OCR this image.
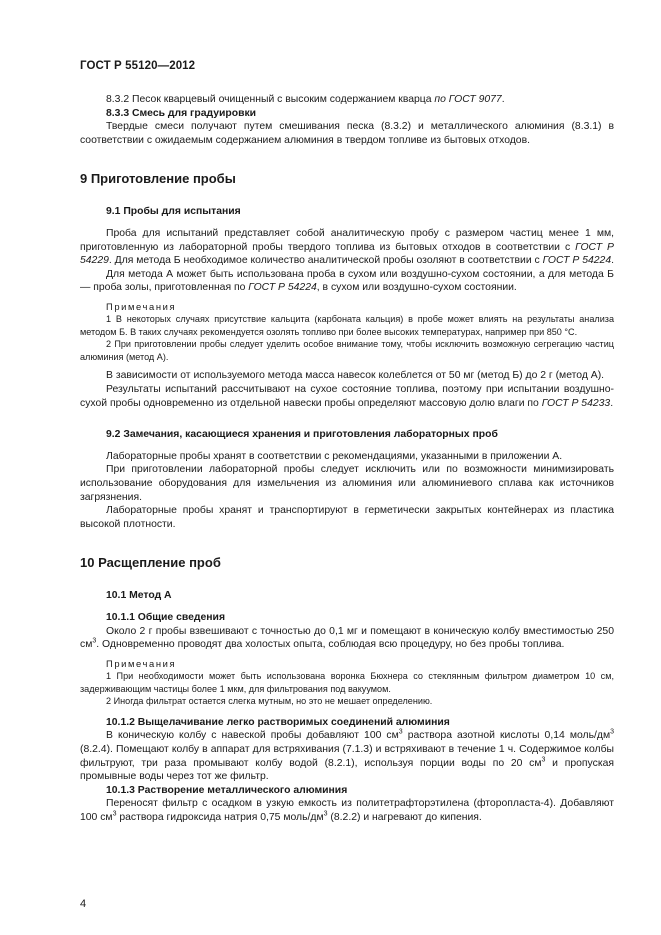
ГОСТ Р 55120—2012

8.3.2 Песок кварцевый очищенный с высоким содержанием кварца по ГОСТ 9077.

8.3.3 Смесь для градуировки

Твердые смеси получают путем смешивания песка (8.3.2) и металлического алюминия (8.3.1) в соответствии с ожидаемым содержанием алюминия в твердом топливе из бытовых отходов.

9 Приготовление пробы
9.1 Пробы для испытания

Проба для испытаний представляет собой аналитическую пробу с размером частиц менее 1 мм, приготовленную из лабораторной пробы твердого топлива из бытовых отходов в соответствии с ГОСТ Р 54229. Для метода Б необходимое количество аналитической пробы озоляют в соответствии с ГОСТ Р 54224.

Для метода А может быть использована проба в сухом или воздушно-сухом состоянии, а для метода Б — проба золы, приготовленная по ГОСТ Р 54224, в сухом или воздушно-сухом состоянии.

Примечания

1 В некоторых случаях присутствие кальцита (карбоната кальция) в пробе может влиять на результаты анализа методом Б. В таких случаях рекомендуется озолять топливо при более высоких температурах, например при 850 °С.

2 При приготовлении пробы следует уделить особое внимание тому, чтобы исключить возможную сегрегацию частиц алюминия (метод А).

В зависимости от используемого метода масса навесок колеблется от 50 мг (метод Б) до 2 г (метод А).

Результаты испытаний рассчитывают на сухое состояние топлива, поэтому при испытании воздушно-сухой пробы одновременно из отдельной навески пробы определяют массовую долю влаги по ГОСТ Р 54233.

9.2 Замечания, касающиеся хранения и приготовления лабораторных проб

Лабораторные пробы хранят в соответствии с рекомендациями, указанными в приложении А.

При приготовлении лабораторной пробы следует исключить или по возможности минимизировать использование оборудования для измельчения из алюминия или алюминиевого сплава как источников загрязнения.

Лабораторные пробы хранят и транспортируют в герметически закрытых контейнерах из пластика высокой плотности.

10 Расщепление проб
10.1 Метод А
10.1.1 Общие сведения

Около 2 г пробы взвешивают с точностью до 0,1 мг и помещают в коническую колбу вместимостью 250 $см^3$. Одновременно проводят два холостых опыта, соблюдая всю процедуру, но без пробы топлива.

Примечания

1 При необходимости может быть использована воронка Бюхнера со стеклянным фильтром диаметром 10 см, задерживающим частицы более 1 мкм, для фильтрования под вакуумом.

2 Иногда фильтрат остается слегка мутным, но это не мешает определению.

10.1.2 Выщелачивание легко растворимых соединений алюминия

В коническую колбу с навеской пробы добавляют 100 $см^3$ раствора азотной кислоты 0,14 моль/$дм^3$ (8.2.4). Помещают колбу в аппарат для встряхивания (7.1.3) и встряхивают в течение 1 ч. Содержимое колбы фильтруют, три раза промывают колбу водой (8.2.1), используя порции воды по 20 $см^3$ и пропуская промывные воды через тот же фильтр.

10.1.3 Растворение металлического алюминия

Переносят фильтр с осадком в узкую емкость из политетрафторэтилена (фторопласта-4). Добавляют 100 $см^3$ раствора гидроксида натрия 0,75 моль/$дм^3$ (8.2.2) и нагревают до кипения.

4
